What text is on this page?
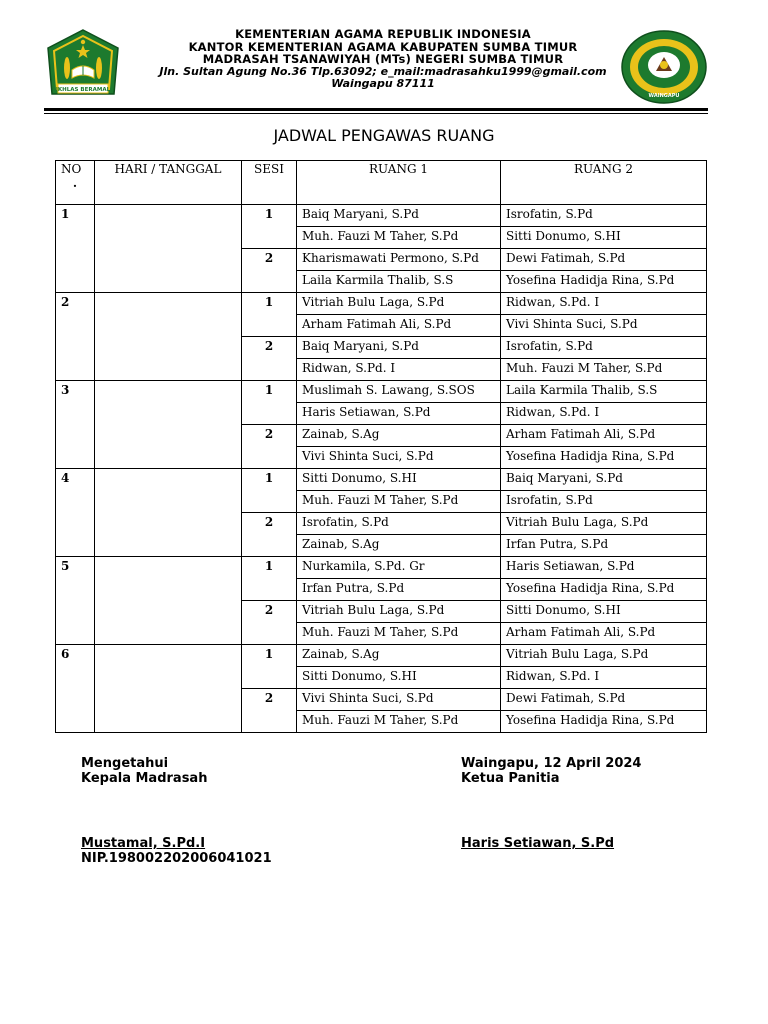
IKHLAS BERAMAL
KEMENTERIAN AGAMA REPUBLIK INDONESIA
KANTOR KEMENTERIAN AGAMA KABUPATEN SUMBA TIMUR
MADRASAH TSANAWIYAH (MTs) NEGERI SUMBA TIMUR
Jln. Sultan Agung No.36 Tlp.63092; e_mail:madrasahku1999@gmail.com
Waingapu 87111
WAINGAPU
JADWAL PENGAWAS RUANG
NO
.	HARI / TANGGAL	SESI	RUANG 1	RUANG 2
1		1	Baiq Maryani, S.Pd	Isrofatin, S.Pd
			Muh. Fauzi M Taher, S.Pd	Sitti Donumo, S.HI
		2	Kharismawati Permono, S.Pd	Dewi Fatimah, S.Pd
			Laila Karmila Thalib, S.S	Yosefina Hadidja Rina, S.Pd
2		1	Vitriah Bulu Laga, S.Pd	Ridwan, S.Pd. I
			Arham Fatimah Ali, S.Pd	Vivi Shinta Suci, S.Pd
		2	Baiq Maryani, S.Pd	Isrofatin, S.Pd
			Ridwan, S.Pd. I	Muh. Fauzi M Taher, S.Pd
3		1	Muslimah S. Lawang, S.SOS	Laila Karmila Thalib, S.S
			Haris Setiawan, S.Pd	Ridwan, S.Pd. I
		2	Zainab, S.Ag	Arham Fatimah Ali, S.Pd
			Vivi Shinta Suci, S.Pd	Yosefina Hadidja Rina, S.Pd
4		1	Sitti Donumo, S.HI	Baiq Maryani, S.Pd
			Muh. Fauzi M Taher, S.Pd	Isrofatin, S.Pd
		2	Isrofatin, S.Pd	Vitriah Bulu Laga, S.Pd
			Zainab, S.Ag	Irfan Putra, S.Pd
5		1	Nurkamila, S.Pd. Gr	Haris Setiawan, S.Pd
			Irfan Putra, S.Pd	Yosefina Hadidja Rina, S.Pd
		2	Vitriah Bulu Laga, S.Pd	Sitti Donumo, S.HI
			Muh. Fauzi M Taher, S.Pd	Arham Fatimah Ali, S.Pd
6		1	Zainab, S.Ag	Vitriah Bulu Laga, S.Pd
			Sitti Donumo, S.HI	Ridwan, S.Pd. I
		2	Vivi Shinta Suci, S.Pd	Dewi Fatimah, S.Pd
			Muh. Fauzi M Taher, S.Pd	Yosefina Hadidja Rina, S.Pd
Mengetahui
Kepala Madrasah
Mustamal, S.Pd.I
NIP.198002202006041021
Waingapu, 12 April 2024
Ketua Panitia
Haris Setiawan, S.Pd
